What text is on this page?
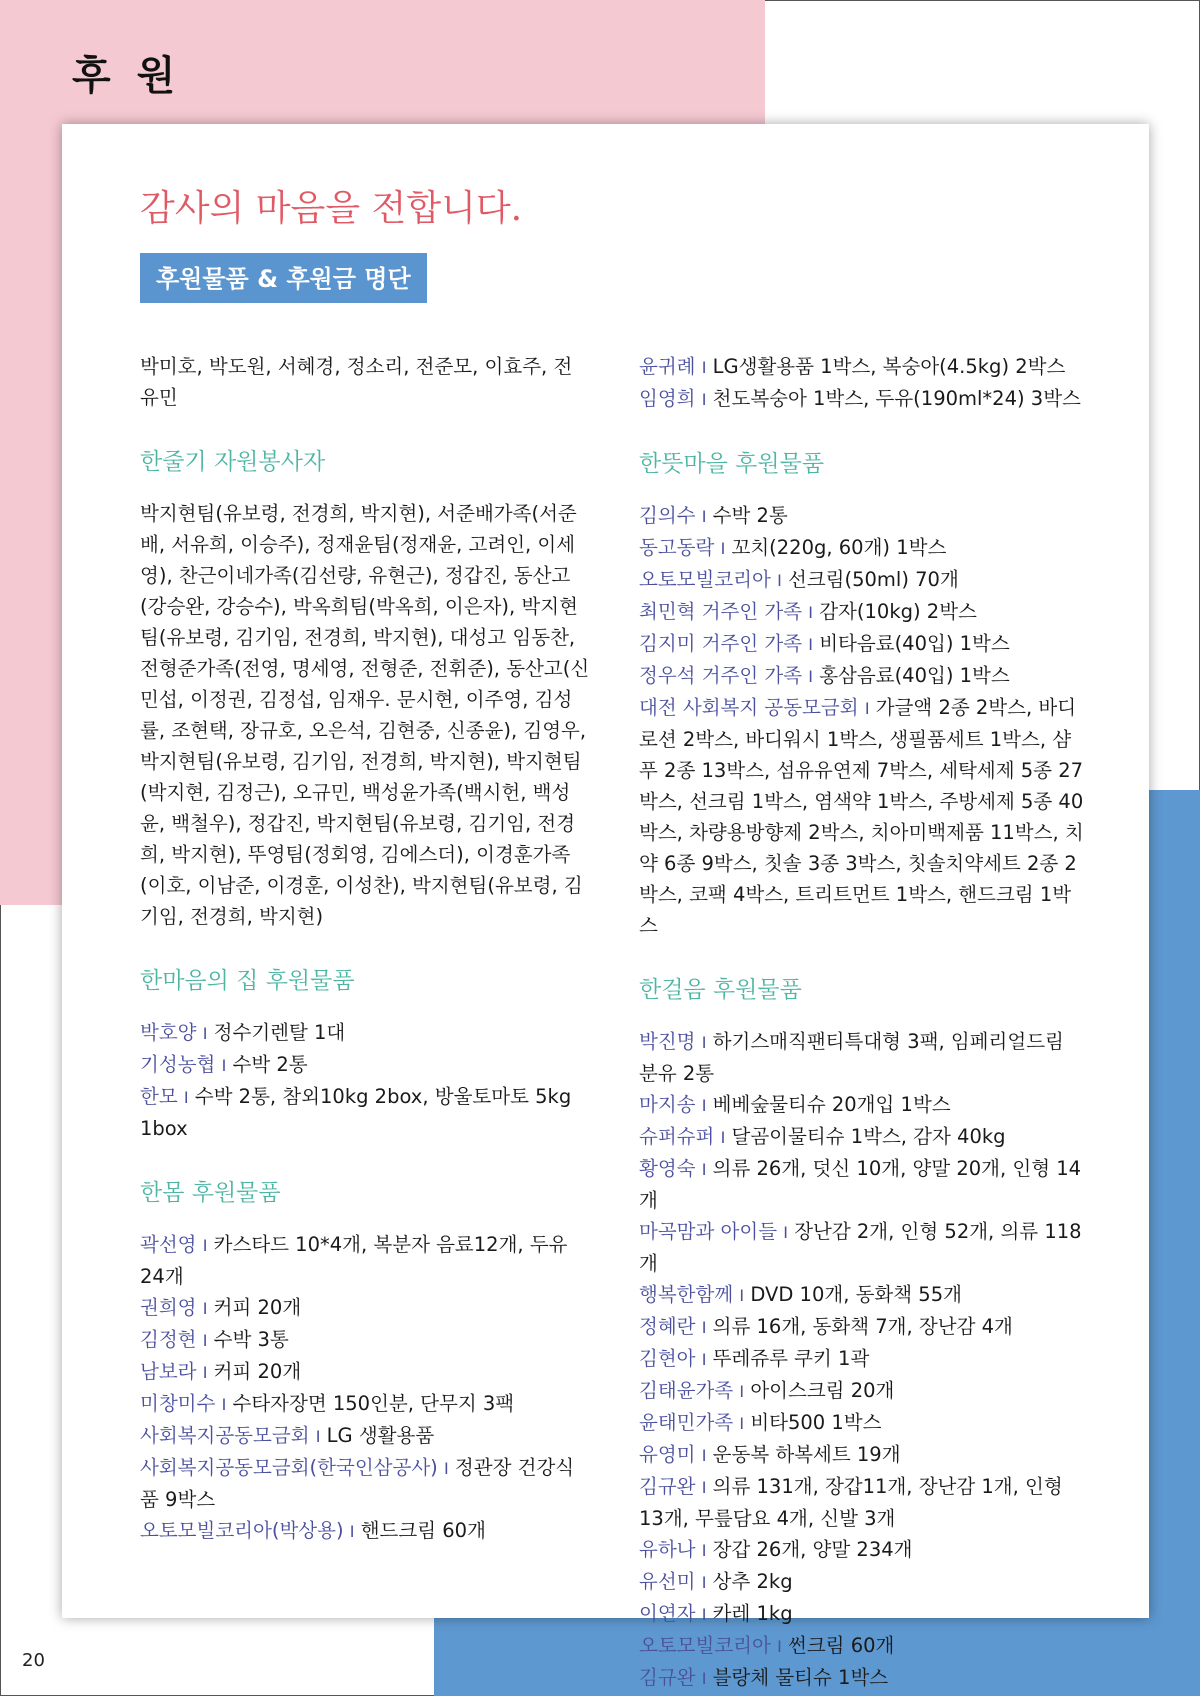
후 원
감사의 마음을 전합니다.
후원물품 & 후원금 명단

박미호, 박도원, 서혜경, 정소리, 전준모, 이효주, 전유민

한줄기 자원봉사자

박지현팀(유보령, 전경희, 박지현), 서준배가족(서준배, 서유희, 이승주), 정재윤팀(정재윤, 고려인, 이세영), 찬근이네가족(김선량, 유현근), 정갑진, 동산고(강승완, 강승수), 박옥희팀(박옥희, 이은자), 박지현팀(유보령, 김기임, 전경희, 박지현), 대성고 임동찬, 전형준가족(전영, 명세영, 전형준, 전휘준), 동산고(신민섭, 이정권, 김정섭, 임재우. 문시현, 이주영, 김성률, 조현택, 장규호, 오은석, 김현중, 신종윤), 김영우, 박지현팀(유보령, 김기임, 전경희, 박지현), 박지현팀(박지현, 김정근), 오규민, 백성윤가족(백시헌, 백성윤, 백철우), 정갑진, 박지현팀(유보령, 김기임, 전경희, 박지현), 뚜영팀(정회영, 김에스더), 이경훈가족(이호, 이남준, 이경훈, 이성찬), 박지현팀(유보령, 김기임, 전경희, 박지현)

한마음의 집 후원물품
박호양 I 정수기렌탈 1대
기성농협 I 수박 2통
한모 I 수박 2통, 참외10kg 2box, 방울토마토 5kg 1box
한몸 후원물품
곽선영 I 카스타드 10*4개, 복분자 음료12개, 두유24개
권희영 I 커피 20개
김정현 I 수박 3통
남보라 I 커피 20개
미창미수 I 수타자장면 150인분, 단무지 3팩
사회복지공동모금회 I LG 생활용품
사회복지공동모금회(한국인삼공사) I 정관장 건강식품 9박스
오토모빌코리아(박상용) I 핸드크림 60개
윤귀례 I LG생활용품 1박스, 복숭아(4.5kg) 2박스
임영희 I 천도복숭아 1박스, 두유(190ml*24) 3박스
한뜻마을 후원물품
김의수 I 수박 2통
동고동락 I 꼬치(220g, 60개) 1박스
오토모빌코리아 I 선크림(50ml) 70개
최민혁 거주인 가족 I 감자(10kg) 2박스
김지미 거주인 가족 I 비타음료(40입) 1박스
정우석 거주인 가족 I 홍삼음료(40입) 1박스
대전 사회복지 공동모금회 I 가글액 2종 2박스, 바디로션 2박스, 바디워시 1박스, 생필품세트 1박스, 샴푸 2종 13박스, 섬유유연제 7박스, 세탁세제 5종 27박스, 선크림 1박스, 염색약 1박스, 주방세제 5종 40박스, 차량용방향제 2박스, 치아미백제품 11박스, 치약 6종 9박스, 칫솔 3종 3박스, 칫솔치약세트 2종 2박스, 코팩 4박스, 트리트먼트 1박스, 핸드크림 1박스
한걸음 후원물품
박진명 I 하기스매직팬티특대형 3팩, 임페리얼드림 분유 2통
마지송 I 베베숲물티슈 20개입 1박스
슈퍼슈퍼 I 달곰이물티슈 1박스, 감자 40kg
황영숙 I 의류 26개, 덧신 10개, 양말 20개, 인형 14개
마곡맘과 아이들 I 장난감 2개, 인형 52개, 의류 118개
행복한함께 I DVD 10개, 동화책 55개
정혜란 I 의류 16개, 동화책 7개, 장난감 4개
김현아 I 뚜레쥬루 쿠키 1곽
김태윤가족 I 아이스크림 20개
윤태민가족 I 비타500 1박스
유영미 I 운동복 하복세트 19개
김규완 I 의류 131개, 장갑11개, 장난감 1개, 인형 13개, 무릎담요 4개, 신발 3개
유하나 I 장갑 26개, 양말 234개
유선미 I 상추 2kg
이연자 I 카레 1kg
오토모빌코리아 I 썬크림 60개
김규완 I 블랑체 물티슈 1박스
20
